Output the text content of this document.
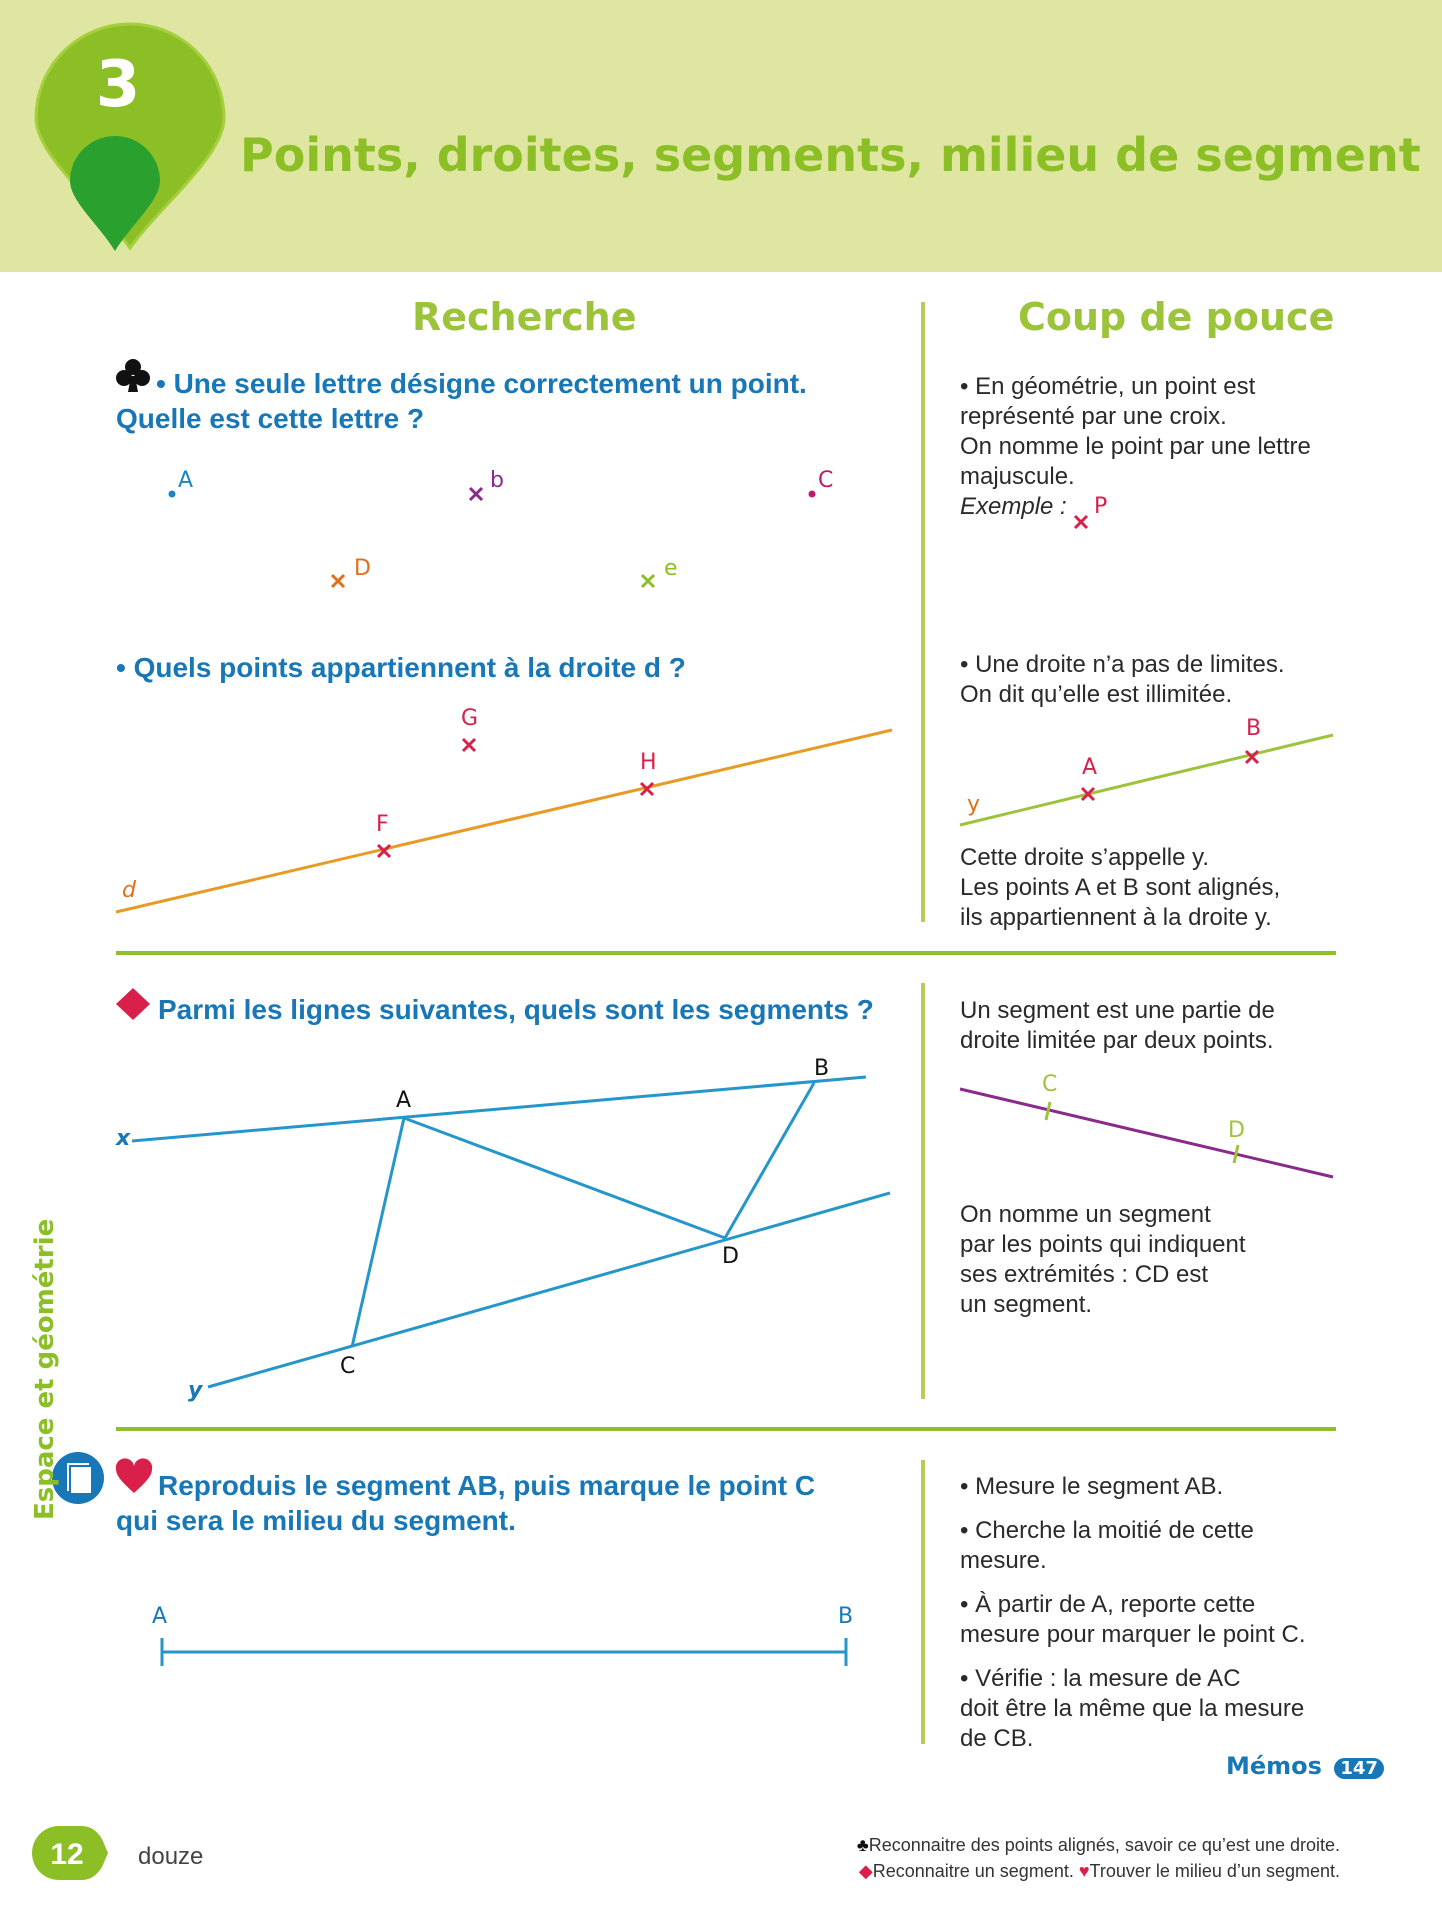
3
Points, droites, segments, milieu de segment
Recherche	Coup de pouce
• Une seule lettre désigne correctement un point.
Quelle est cette lettre ?
A	b	C
D	e
• Quels points appartiennent à la droite d ?
G
H
F
d
• En géométrie, un point est
représenté par une croix.
On nomme le point par une lettre
majuscule.
Exemple :	P
• Une droite n’a pas de limites.
On dit qu’elle est illimitée.
A
B
y
Cette droite s’appelle y.
Les points A et B sont alignés,
ils appartiennent à la droite y.
Parmi les lignes suivantes, quels sont les segments ?
x
A
B
D
C
y
Un segment est une partie de
droite limitée par deux points.
C
D
On nomme un segment
par les points qui indiquent
ses extrémités : CD est
un segment.
Reproduis le segment AB, puis marque le point C
qui sera le milieu du segment.
A	B
• Mesure le segment AB.
• Cherche la moitié de cette
mesure.
• À partir de A, reporte cette
mesure pour marquer le point C.
• Vérifie : la mesure de AC
doit être la même que la mesure
de CB.
Mémos 147
Espace et géométrie
12	douze	♣Reconnaitre des points alignés, savoir ce qu’est une droite.
◆Reconnaitre un segment. ♥Trouver le milieu d’un segment.
